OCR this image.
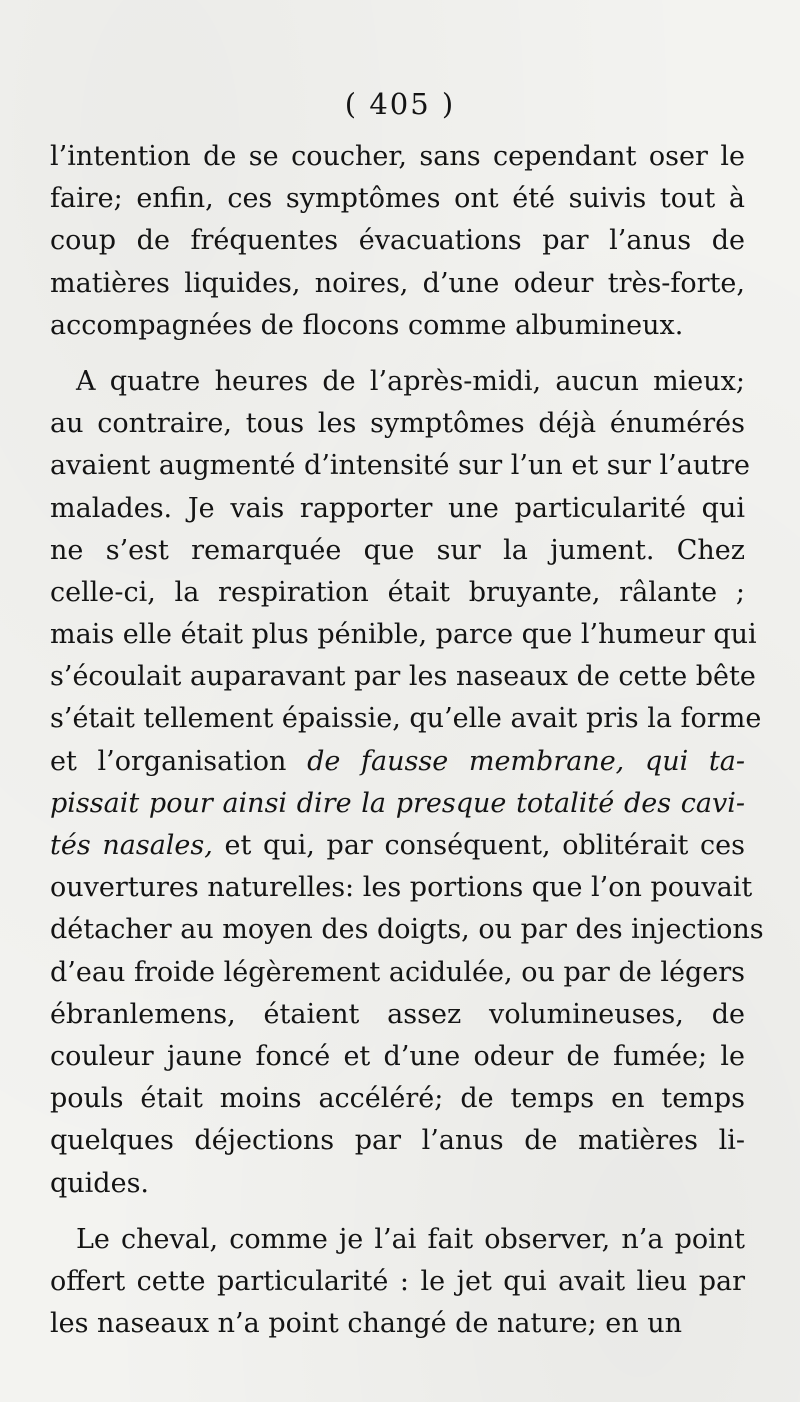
( 405 )
l’intention de se coucher, sans cependant oser le
faire; enfin, ces symptômes ont été suivis tout à
coup de fréquentes évacuations par l’anus de
matières liquides, noires, d’une odeur très-forte,
accompagnées de flocons comme albumineux.
A quatre heures de l’après-midi, aucun mieux;
au contraire, tous les symptômes déjà énumérés
avaient augmenté d’intensité sur l’un et sur l’autre
malades. Je vais rapporter une particularité qui
ne s’est remarquée que sur la jument. Chez
celle-ci, la respiration était bruyante, râlante ;
mais elle était plus pénible, parce que l’humeur qui
s’écoulait auparavant par les naseaux de cette bête
s’était tellement épaissie, qu’elle avait pris la forme
et l’organisation de fausse membrane, qui ta-
pissait pour ainsi dire la presque totalité des cavi-
tés nasales, et qui, par conséquent, oblitérait ces
ouvertures naturelles: les portions que l’on pouvait
détacher au moyen des doigts, ou par des injections
d’eau froide légèrement acidulée, ou par de légers
ébranlemens, étaient assez volumineuses, de
couleur jaune foncé et d’une odeur de fumée; le
pouls était moins accéléré; de temps en temps
quelques déjections par l’anus de matières li-
quides.
Le cheval, comme je l’ai fait observer, n’a point
offert cette particularité : le jet qui avait lieu par
les naseaux n’a point changé de nature; en un
